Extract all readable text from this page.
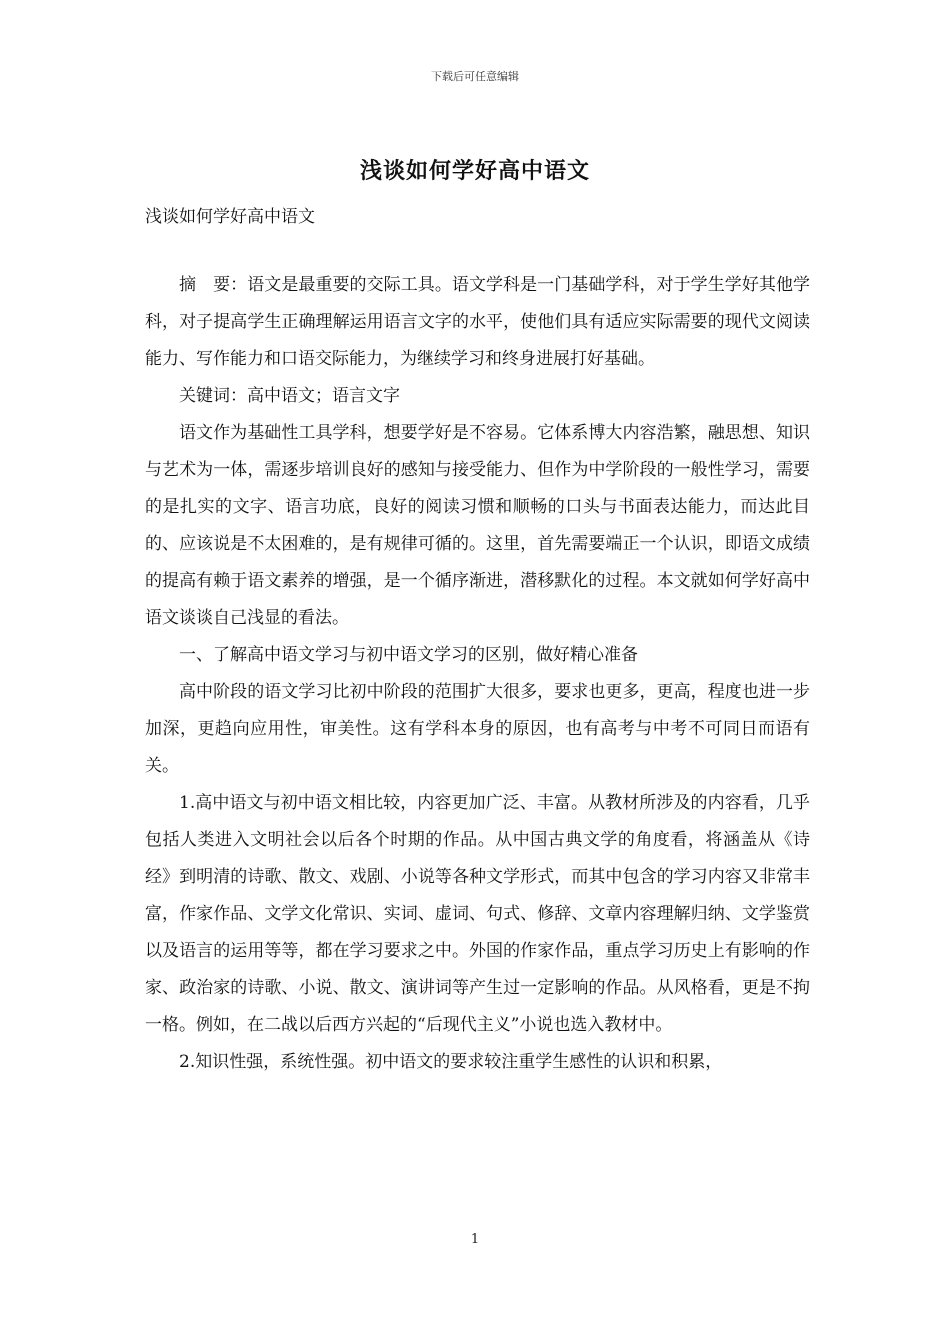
下载后可任意编辑
浅谈如何学好高中语文
浅谈如何学好高中语文

摘　要：语文是最重要的交际工具。语文学科是一门基础学科，对于学生学好其他学科，对子提高学生正确理解运用语言文字的水平，使他们具有适应实际需要的现代文阅读能力、写作能力和口语交际能力，为继续学习和终身进展打好基础。

关键词：高中语文；语言文字

语文作为基础性工具学科，想要学好是不容易。它体系博大内容浩繁，融思想、知识与艺术为一体，需逐步培训良好的感知与接受能力、但作为中学阶段的一般性学习，需要的是扎实的文字、语言功底，良好的阅读习惯和顺畅的口头与书面表达能力，而达此目的、应该说是不太困难的，是有规律可循的。这里，首先需要端正一个认识，即语文成绩的提高有赖于语文素养的增强，是一个循序渐进，潜移默化的过程。本文就如何学好高中语文谈谈自己浅显的看法。

一、了解高中语文学习与初中语文学习的区别，做好精心准备

高中阶段的语文学习比初中阶段的范围扩大很多，要求也更多，更高，程度也进一步加深，更趋向应用性，审美性。这有学科本身的原因，也有高考与中考不可同日而语有关。

1.高中语文与初中语文相比较，内容更加广泛、丰富。从教材所涉及的内容看，几乎包括人类进入文明社会以后各个时期的作品。从中国古典文学的角度看，将涵盖从《诗经》到明清的诗歌、散文、戏剧、小说等各种文学形式，而其中包含的学习内容又非常丰富，作家作品、文学文化常识、实词、虚词、句式、修辞、文章内容理解归纳、文学鉴赏以及语言的运用等等，都在学习要求之中。外国的作家作品，重点学习历史上有影响的作家、政治家的诗歌、小说、散文、演讲词等产生过一定影响的作品。从风格看，更是不拘一格。例如，在二战以后西方兴起的“后现代主义”小说也选入教材中。

2.知识性强，系统性强。初中语文的要求较注重学生感性的认识和积累，

1
